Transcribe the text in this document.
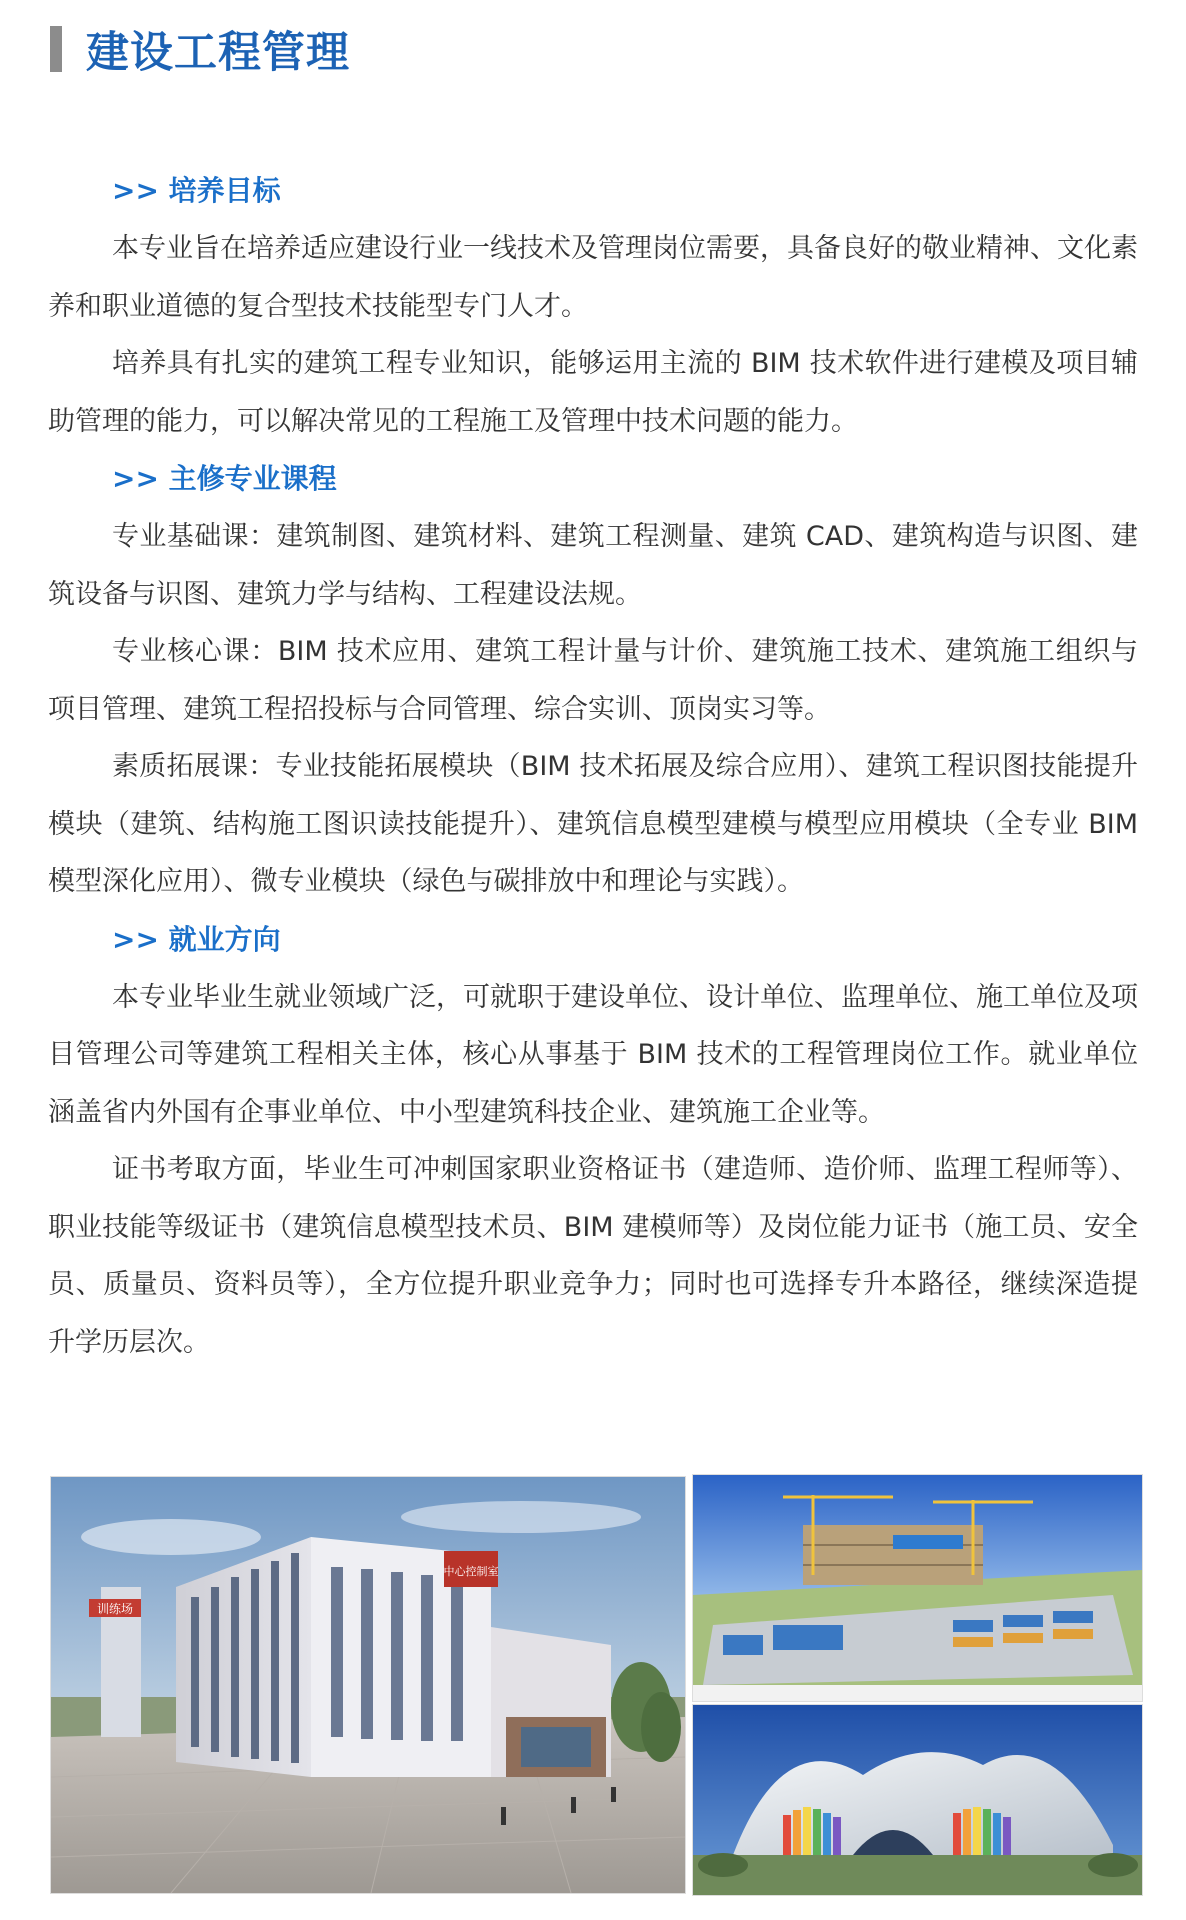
建设工程管理
>> 培养目标

本专业旨在培养适应建设行业一线技术及管理岗位需要，具备良好的敬业精神、文化素养和职业道德的复合型技术技能型专门人才。

培养具有扎实的建筑工程专业知识，能够运用主流的 BIM 技术软件进行建模及项目辅助管理的能力，可以解决常见的工程施工及管理中技术问题的能力。

>> 主修专业课程

专业基础课：建筑制图、建筑材料、建筑工程测量、建筑 CAD、建筑构造与识图、建筑设备与识图、建筑力学与结构、工程建设法规。

专业核心课：BIM 技术应用、建筑工程计量与计价、建筑施工技术、建筑施工组织与项目管理、建筑工程招投标与合同管理、综合实训、顶岗实习等。

素质拓展课：专业技能拓展模块（BIM 技术拓展及综合应用）、建筑工程识图技能提升模块（建筑、结构施工图识读技能提升）、建筑信息模型建模与模型应用模块（全专业 BIM 模型深化应用）、微专业模块（绿色与碳排放中和理论与实践）。

>> 就业方向

本专业毕业生就业领域广泛，可就职于建设单位、设计单位、监理单位、施工单位及项目管理公司等建筑工程相关主体，核心从事基于 BIM 技术的工程管理岗位工作。就业单位涵盖省内外国有企事业单位、中小型建筑科技企业、建筑施工企业等。

证书考取方面，毕业生可冲刺国家职业资格证书（建造师、造价师、监理工程师等）、职业技能等级证书（建筑信息模型技术员、BIM 建模师等）及岗位能力证书（施工员、安全员、质量员、资料员等），全方位提升职业竞争力；同时也可选择专升本路径，继续深造提升学历层次。

训练场
中心控制室
